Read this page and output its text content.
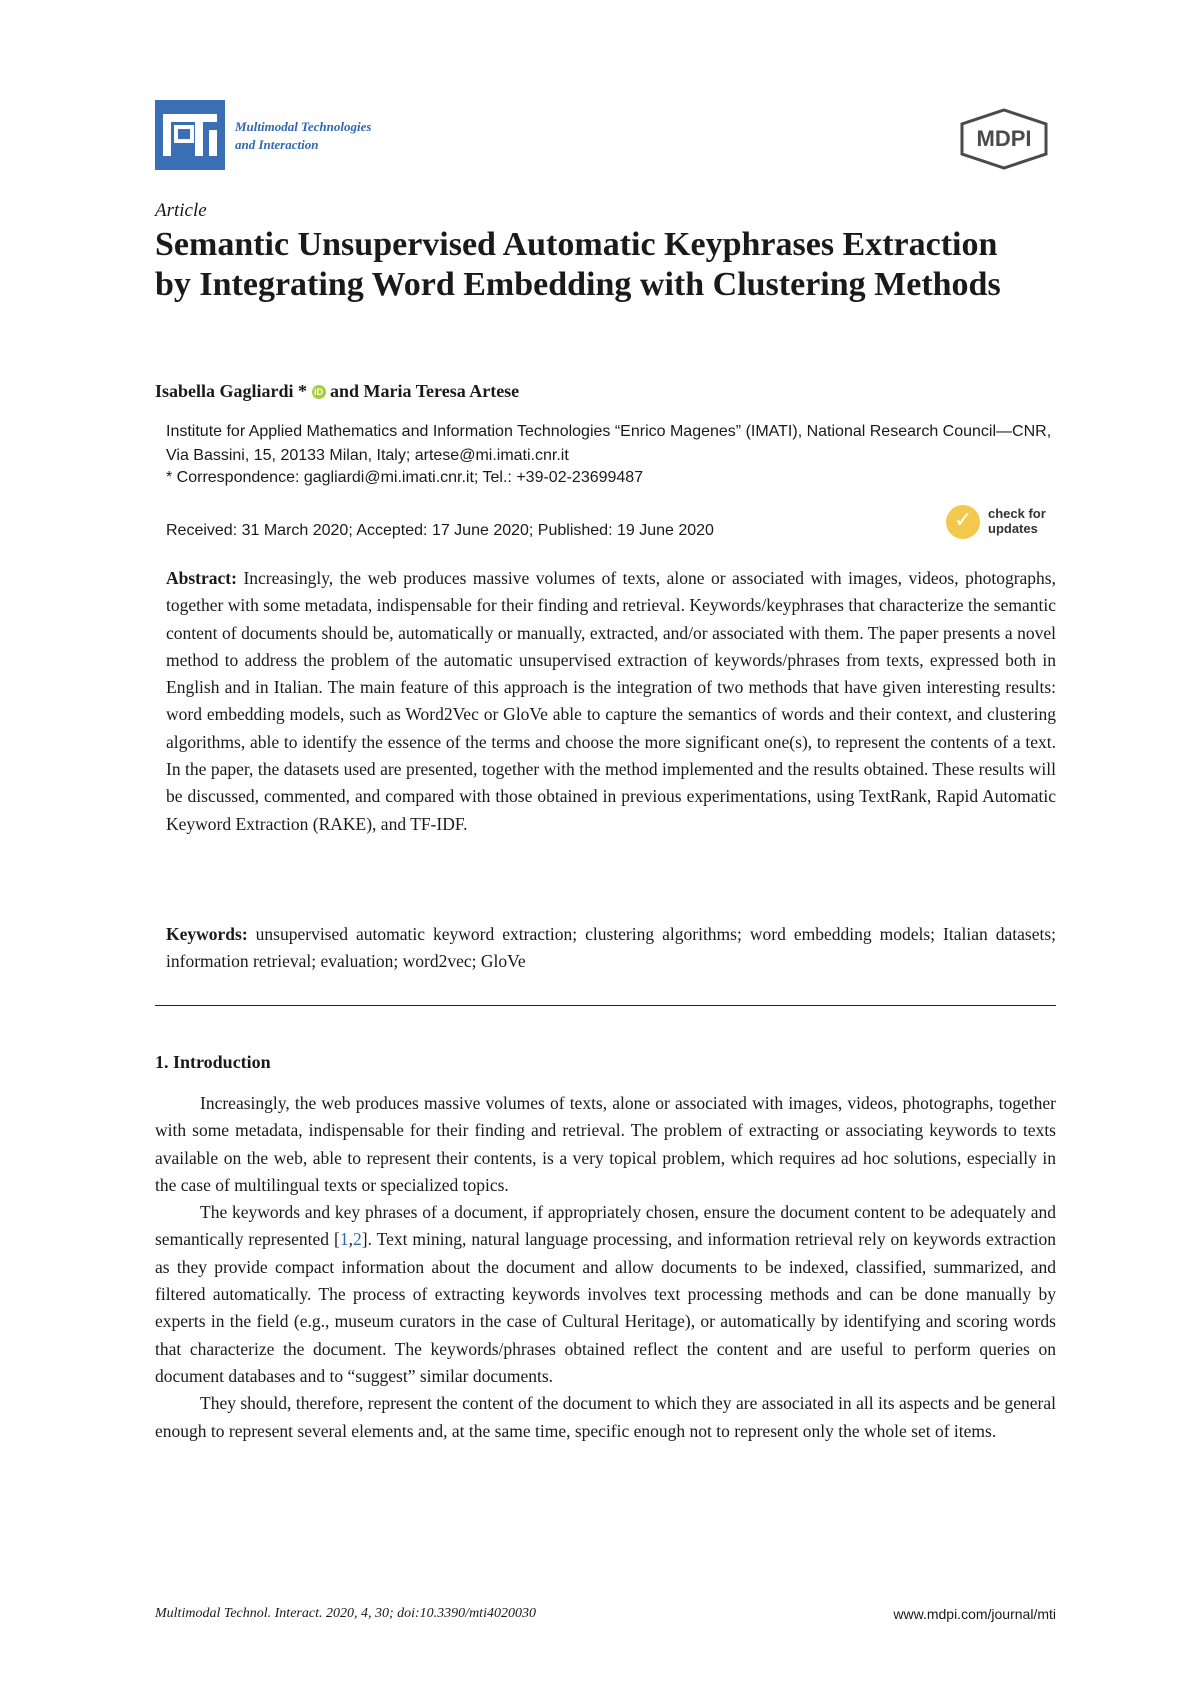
Multimodal Technologies
and Interaction	MDPI
Article
Semantic Unsupervised Automatic Keyphrases Extraction by Integrating Word Embedding with Clustering Methods
Isabella Gagliardi * iD and Maria Teresa Artese
Institute for Applied Mathematics and Information Technologies “Enrico Magenes” (IMATI), National Research Council—CNR, Via Bassini, 15, 20133 Milan, Italy; artese@mi.imati.cnr.it
* Correspondence: gagliardi@mi.imati.cnr.it; Tel.: +39-02-23699487
Received: 31 March 2020; Accepted: 17 June 2020; Published: 19 June 2020	✓ check for
updates
Abstract: Increasingly, the web produces massive volumes of texts, alone or associated with images, videos, photographs, together with some metadata, indispensable for their finding and retrieval. Keywords/keyphrases that characterize the semantic content of documents should be, automatically or manually, extracted, and/or associated with them. The paper presents a novel method to address the problem of the automatic unsupervised extraction of keywords/phrases from texts, expressed both in English and in Italian. The main feature of this approach is the integration of two methods that have given interesting results: word embedding models, such as Word2Vec or GloVe able to capture the semantics of words and their context, and clustering algorithms, able to identify the essence of the terms and choose the more significant one(s), to represent the contents of a text. In the paper, the datasets used are presented, together with the method implemented and the results obtained. These results will be discussed, commented, and compared with those obtained in previous experimentations, using TextRank, Rapid Automatic Keyword Extraction (RAKE), and TF-IDF.
Keywords: unsupervised automatic keyword extraction; clustering algorithms; word embedding models; Italian datasets; information retrieval; evaluation; word2vec; GloVe
1. Introduction

Increasingly, the web produces massive volumes of texts, alone or associated with images, videos, photographs, together with some metadata, indispensable for their finding and retrieval. The problem of extracting or associating keywords to texts available on the web, able to represent their contents, is a very topical problem, which requires ad hoc solutions, especially in the case of multilingual texts or specialized topics.

The keywords and key phrases of a document, if appropriately chosen, ensure the document content to be adequately and semantically represented [1,2]. Text mining, natural language processing, and information retrieval rely on keywords extraction as they provide compact information about the document and allow documents to be indexed, classified, summarized, and filtered automatically. The process of extracting keywords involves text processing methods and can be done manually by experts in the field (e.g., museum curators in the case of Cultural Heritage), or automatically by identifying and scoring words that characterize the document. The keywords/phrases obtained reflect the content and are useful to perform queries on document databases and to “suggest” similar documents.

They should, therefore, represent the content of the document to which they are associated in all its aspects and be general enough to represent several elements and, at the same time, specific enough not to represent only the whole set of items.

Multimodal Technol. Interact. 2020, 4, 30; doi:10.3390/mti4020030	www.mdpi.com/journal/mti
